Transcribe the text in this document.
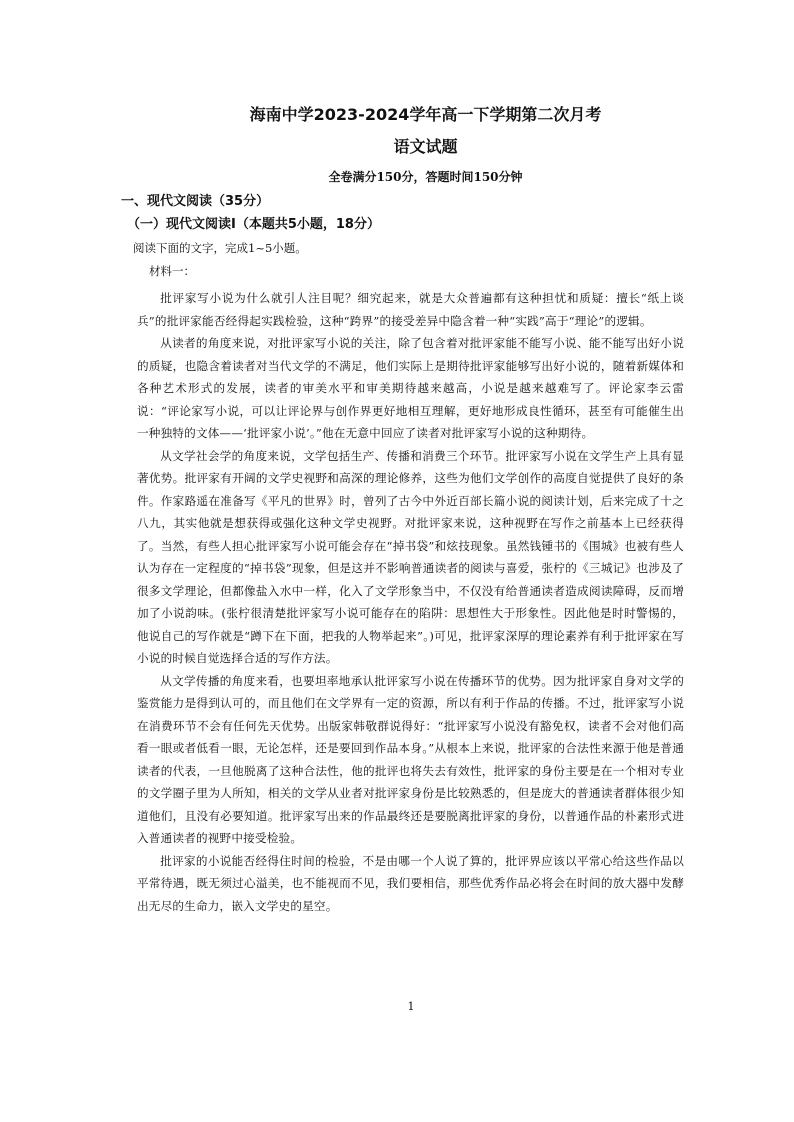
海南中学2023-2024学年高一下学期第二次月考
语文试题
全卷满分150分，答题时间150分钟
一、现代文阅读（35分）
（一）现代文阅读Ⅰ（本题共5小题，18分）
阅读下面的文字，完成1~5小题。
材料一：

批评家写小说为什么就引人注目呢？细究起来，就是大众普遍都有这种担忧和质疑：擅长“纸上谈兵”的批评家能否经得起实践检验，这种“跨界”的接受差异中隐含着一种“实践”高于“理论”的逻辑。

从读者的角度来说，对批评家写小说的关注，除了包含着对批评家能不能写小说、能不能写出好小说的质疑，也隐含着读者对当代文学的不满足，他们实际上是期待批评家能够写出好小说的，随着新媒体和各种艺术形式的发展，读者的审美水平和审美期待越来越高，小说是越来越难写了。评论家李云雷说：“评论家写小说，可以让评论界与创作界更好地相互理解，更好地形成良性循环，甚至有可能催生出一种独特的文体——‘批评家小说’。”他在无意中回应了读者对批评家写小说的这种期待。

从文学社会学的角度来说，文学包括生产、传播和消费三个环节。批评家写小说在文学生产上具有显著优势。批评家有开阔的文学史视野和高深的理论修养，这些为他们文学创作的高度自觉提供了良好的条件。作家路遥在准备写《平凡的世界》时，曾列了古今中外近百部长篇小说的阅读计划，后来完成了十之八九，其实他就是想获得或强化这种文学史视野。对批评家来说，这种视野在写作之前基本上已经获得了。当然，有些人担心批评家写小说可能会存在“掉书袋”和炫技现象。虽然钱锺书的《围城》也被有些人认为存在一定程度的“掉书袋”现象，但是这并不影响普通读者的阅读与喜爱，张柠的《三城记》也涉及了很多文学理论，但都像盐入水中一样，化入了文学形象当中，不仅没有给普通读者造成阅读障碍，反而增加了小说韵味。(张柠很清楚批评家写小说可能存在的陷阱：思想性大于形象性。因此他是时时警惕的，他说自己的写作就是“蹲下在下面，把我的人物举起来”。)可见，批评家深厚的理论素养有利于批评家在写小说的时候自觉选择合适的写作方法。

从文学传播的角度来看，也要坦率地承认批评家写小说在传播环节的优势。因为批评家自身对文学的鉴赏能力是得到认可的，而且他们在文学界有一定的资源，所以有利于作品的传播。不过，批评家写小说在消费环节不会有任何先天优势。出版家韩敬群说得好：“批评家写小说没有豁免权，读者不会对他们高看一眼或者低看一眼，无论怎样，还是要回到作品本身。”从根本上来说，批评家的合法性来源于他是普通读者的代表，一旦他脱离了这种合法性，他的批评也将失去有效性，批评家的身份主要是在一个相对专业的文学圈子里为人所知，相关的文学从业者对批评家身份是比较熟悉的，但是庞大的普通读者群体很少知道他们，且没有必要知道。批评家写出来的作品最终还是要脱离批评家的身份，以普通作品的朴素形式进入普通读者的视野中接受检验。

批评家的小说能否经得住时间的检验，不是由哪一个人说了算的，批评界应该以平常心给这些作品以平常待遇，既无须过心溢美，也不能视而不见，我们要相信，那些优秀作品必将会在时间的放大器中发酵出无尽的生命力，嵌入文学史的星空。

1
